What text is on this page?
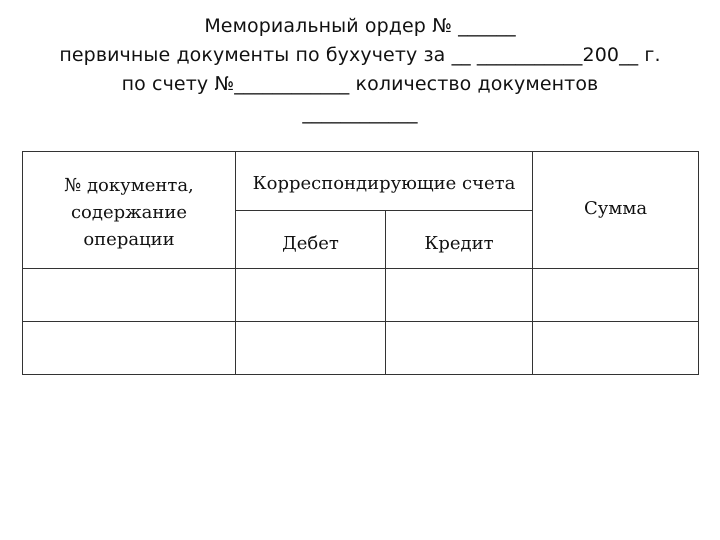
Мемориальный ордер № ______
первичные документы по бухучету за __ ___________200__ г.
по счету №____________ количество документов
____________
№ документа,
содержание
операции	Корреспондирующие счета		Сумма
	Дебет	Кредит	
